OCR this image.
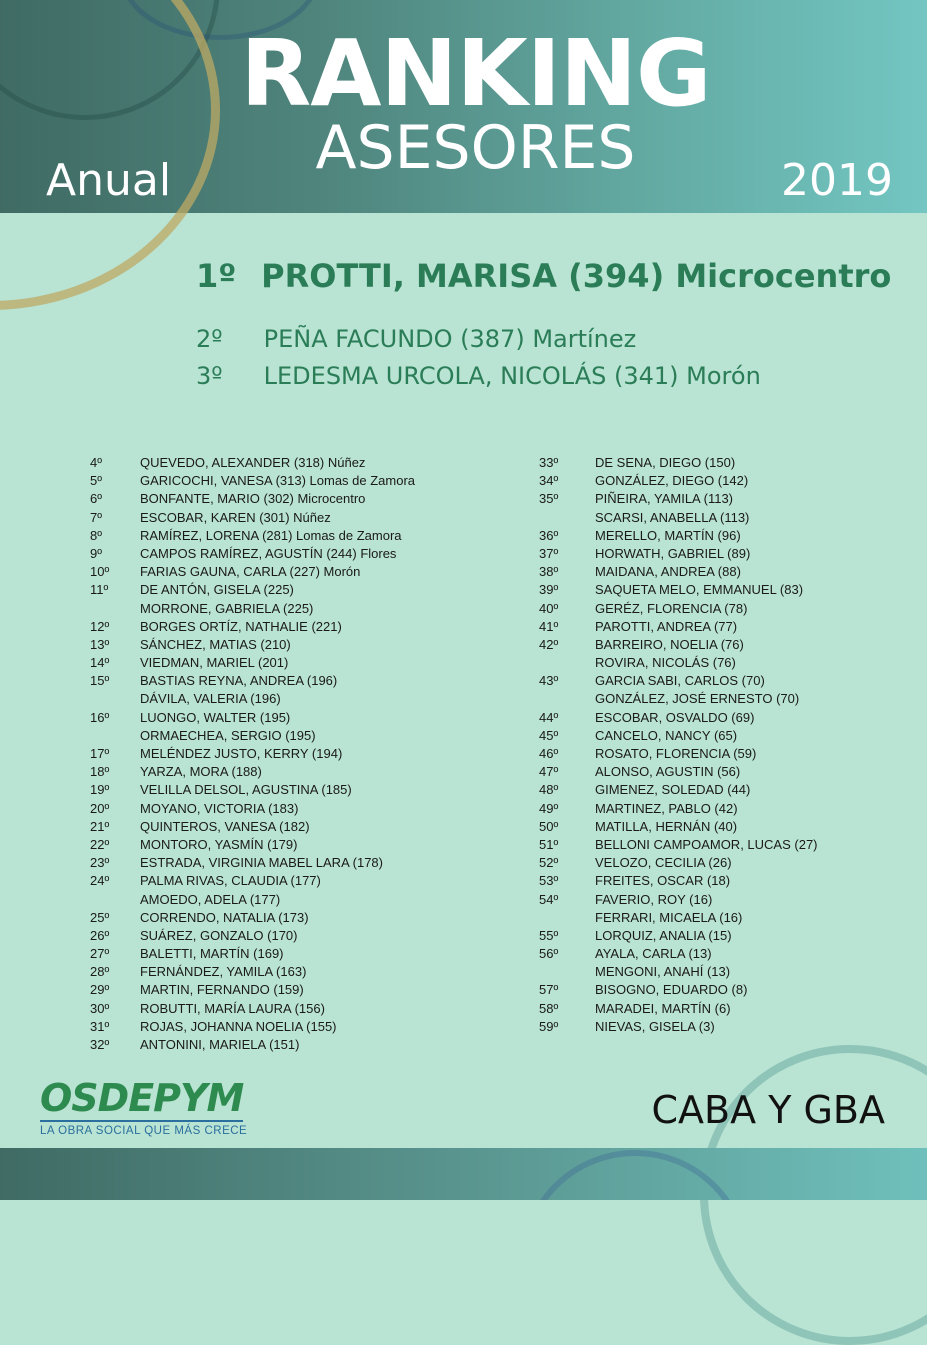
RANKING
ASESORES
Anual	2019
1º PROTTI, MARISA (394) Microcentro
2º PEÑA FACUNDO (387) Martínez
3º LEDESMA URCOLA, NICOLÁS (341) Morón
4º	QUEVEDO, ALEXANDER (318) Núñez
5º	GARICOCHI, VANESA (313) Lomas de Zamora
6º	BONFANTE, MARIO (302) Microcentro
7º	ESCOBAR, KAREN (301) Núñez
8º	RAMÍREZ, LORENA (281) Lomas de Zamora
9º	CAMPOS RAMÍREZ, AGUSTÍN (244) Flores
10º FARIAS GAUNA, CARLA (227) Morón
11º DE ANTÓN, GISELA (225)
MORRONE, GABRIELA (225)
12º BORGES ORTÍZ, NATHALIE (221)
13º SÁNCHEZ, MATIAS (210)
14º VIEDMAN, MARIEL (201)
15º BASTIAS REYNA, ANDREA (196)
DÁVILA, VALERIA (196)
16º LUONGO, WALTER (195)
ORMAECHEA, SERGIO (195)
17º MELÉNDEZ JUSTO, KERRY (194)
18º YARZA, MORA (188)
19º VELILLA DELSOL, AGUSTINA (185)
20º MOYANO, VICTORIA (183)
21º QUINTEROS, VANESA (182)
22º MONTORO, YASMÍN (179)
23º ESTRADA, VIRGINIA MABEL LARA (178)
24º PALMA RIVAS, CLAUDIA (177)
AMOEDO, ADELA (177)
25º CORRENDO, NATALIA (173)
26º SUÁREZ, GONZALO (170)
27º BALETTI, MARTÍN (169)
28º FERNÁNDEZ, YAMILA (163)
29º MARTIN, FERNANDO (159)
30º ROBUTTI, MARÍA LAURA (156)
31º ROJAS, JOHANNA NOELIA (155)
32º ANTONINI, MARIELA (151)
33º	DE SENA, DIEGO (150)
34º	GONZÁLEZ, DIEGO (142)
35º	PIÑEIRA, YAMILA (113)
SCARSI, ANABELLA (113)
36º	MERELLO, MARTÍN (96)
37º	HORWATH, GABRIEL (89)
38º	MAIDANA, ANDREA (88)
39º	SAQUETA MELO, EMMANUEL (83)
40º	GERÉZ, FLORENCIA (78)
41º	PAROTTI, ANDREA (77)
42º	BARREIRO, NOELIA (76)
ROVIRA, NICOLÁS (76)
43º	GARCIA SABI, CARLOS (70)
GONZÁLEZ, JOSÉ ERNESTO (70)
44º	ESCOBAR, OSVALDO (69)
45º	CANCELO, NANCY (65)
46º	ROSATO, FLORENCIA (59)
47º	ALONSO, AGUSTIN (56)
48º	GIMENEZ, SOLEDAD (44)
49º	MARTINEZ, PABLO (42)
50º	MATILLA, HERNÁN (40)
51º	BELLONI CAMPOAMOR, LUCAS (27)
52º	VELOZO, CECILIA (26)
53º	FREITES, OSCAR (18)
54º	FAVERIO, ROY (16)
FERRARI, MICAELA (16)
55º	LORQUIZ, ANALIA (15)
56º	AYALA, CARLA (13)
MENGONI, ANAHÍ (13)
57º	BISOGNO, EDUARDO (8)
58º	MARADEI, MARTÍN (6)
59º	NIEVAS, GISELA (3)
OSDEPYM
LA OBRA SOCIAL QUE MÁS CRECE	CABA Y GBA
